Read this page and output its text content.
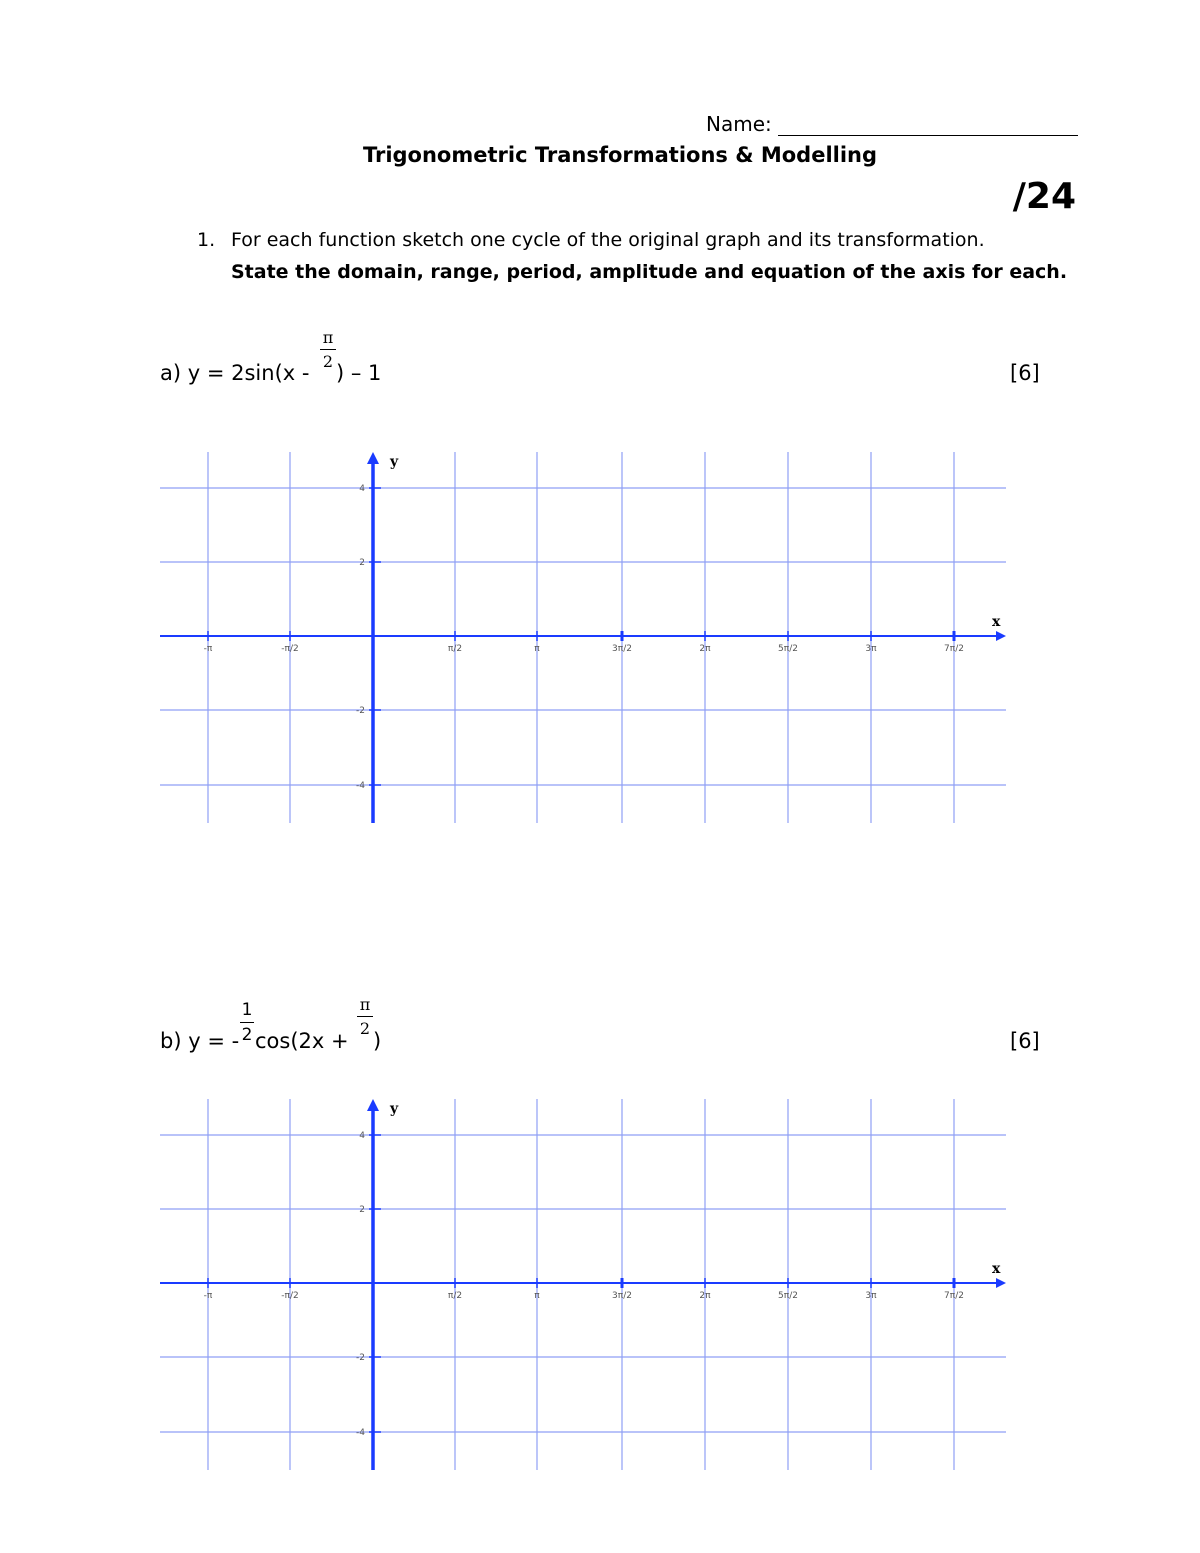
Name:
Trigonometric Transformations & Modelling
/24
1. For each function sketch one cycle of the original graph and its transformation.
State the domain, range, period, amplitude and equation of the axis for each.
a) y = 2sin(x -
π
2 ) – 1	[6]
-π	-π/2	π/2	π	3π/2	2π	5π/2	3π	7π/2
4
2
-2
-4
x
y
b) y = -
1
2 cos(2x +
π
2
)	[6]
-π	-π/2	π/2	π	3π/2	2π	5π/2	3π	7π/2
4
2
-2
-4
x
y
